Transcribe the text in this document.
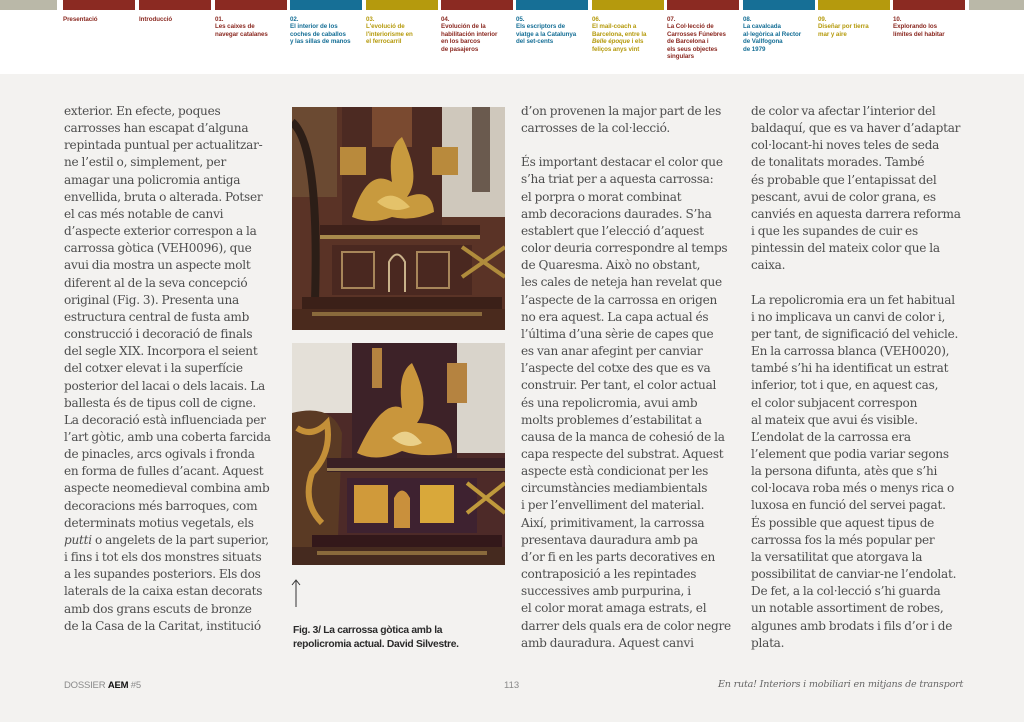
Presentació	Introducció	01.
Les caixes de
navegar catalanes
02.
El interior de los
coches de caballos
y las sillas de manos
03.
L'evolució de
l'interiorisme en
el ferrocarril
04.
Evolución de la
habilitación interior
en los barcos
de pasajeros
05.
Els escriptors de
viatge a la Catalunya
del set-cents
06.
El mail-coach a
Barcelona, entre la
Belle époque i els
feliços anys vint
07.
La Col·lecció de
Carrosses Fúnebres
de Barcelona i
els seus objectes
singulars
08.
La cavalcada
al·legòrica al Rector
de Vallfogona
de 1979
09.
Diseñar por tierra
mar y aire
10.
Explorando los
límites del habitar

exterior. En efecte, poques
carrosses han escapat d’alguna
repintada puntual per actualitzar-
ne l’estil o, simplement, per
amagar una policromia antiga
envellida, bruta o alterada. Potser
el cas més notable de canvi
d’aspecte exterior correspon a la
carrossa gòtica (VEH0096), que
avui dia mostra un aspecte molt
diferent al de la seva concepció
original (Fig. 3). Presenta una
estructura central de fusta amb
construcció i decoració de finals
del segle XIX. Incorpora el seient
del cotxer elevat i la superfície
posterior del lacai o dels lacais. La
ballesta és de tipus coll de cigne.
La decoració està influenciada per
l’art gòtic, amb una coberta farcida
de pinacles, arcs ogivals i fronda
en forma de fulles d’acant. Aquest
aspecte neomedieval combina amb
decoracions més barroques, com
determinats motius vegetals, els
putti o angelets de la part superior,
i fins i tot els dos monstres situats
a les supandes posteriors. Els dos
laterals de la caixa estan decorats
amb dos grans escuts de bronze
de la Casa de la Caritat, institució	Fig. 3/ La carrossa gòtica amb la
repolicromia actual. David Silvestre.

d’on provenen la major part de les
carrosses de la col·lecció.

És important destacar el color que
s’ha triat per a aquesta carrossa:
el porpra o morat combinat
amb decoracions daurades. S’ha
establert que l’elecció d’aquest
color deuria correspondre al temps
de Quaresma. Això no obstant,
les cales de neteja han revelat que
l’aspecte de la carrossa en origen
no era aquest. La capa actual és
l’última d’una sèrie de capes que
es van anar afegint per canviar
l’aspecte del cotxe des que es va
construir. Per tant, el color actual
és una repolicromia, avui amb
molts problemes d’estabilitat a
causa de la manca de cohesió de la
capa respecte del substrat. Aquest
aspecte està condicionat per les
circumstàncies mediambientals
i per l’envelliment del material.
Així, primitivament, la carrossa
presentava dauradura amb pa
d’or fi en les parts decoratives en
contraposició a les repintades
successives amb purpurina, i
el color morat amaga estrats, el
darrer dels quals era de color negre
amb dauradura. Aquest canvi

de color va afectar l’interior del
baldaquí, que es va haver d’adaptar
col·locant-hi noves teles de seda
de tonalitats morades. També
és probable que l’entapissat del
pescant, avui de color grana, es
canviés en aquesta darrera reforma
i que les supandes de cuir es
pintessin del mateix color que la
caixa.

La repolicromia era un fet habitual
i no implicava un canvi de color i,
per tant, de significació del vehicle.
En la carrossa blanca (VEH0020),
també s’hi ha identificat un estrat
inferior, tot i que, en aquest cas,
el color subjacent correspon
al mateix que avui és visible.
L’endolat de la carrossa era
l’element que podia variar segons
la persona difunta, atès que s’hi
col·locava roba més o menys rica o
luxosa en funció del servei pagat.
És possible que aquest tipus de
carrossa fos la més popular per
la versatilitat que atorgava la
possibilitat de canviar-ne l’endolat.
De fet, a la col·lecció s’hi guarda
un notable assortiment de robes,
algunes amb brodats i fils d’or i de
plata.

DOSSIER AEM #5	113	En ruta! Interiors i mobiliari en mitjans de transport
